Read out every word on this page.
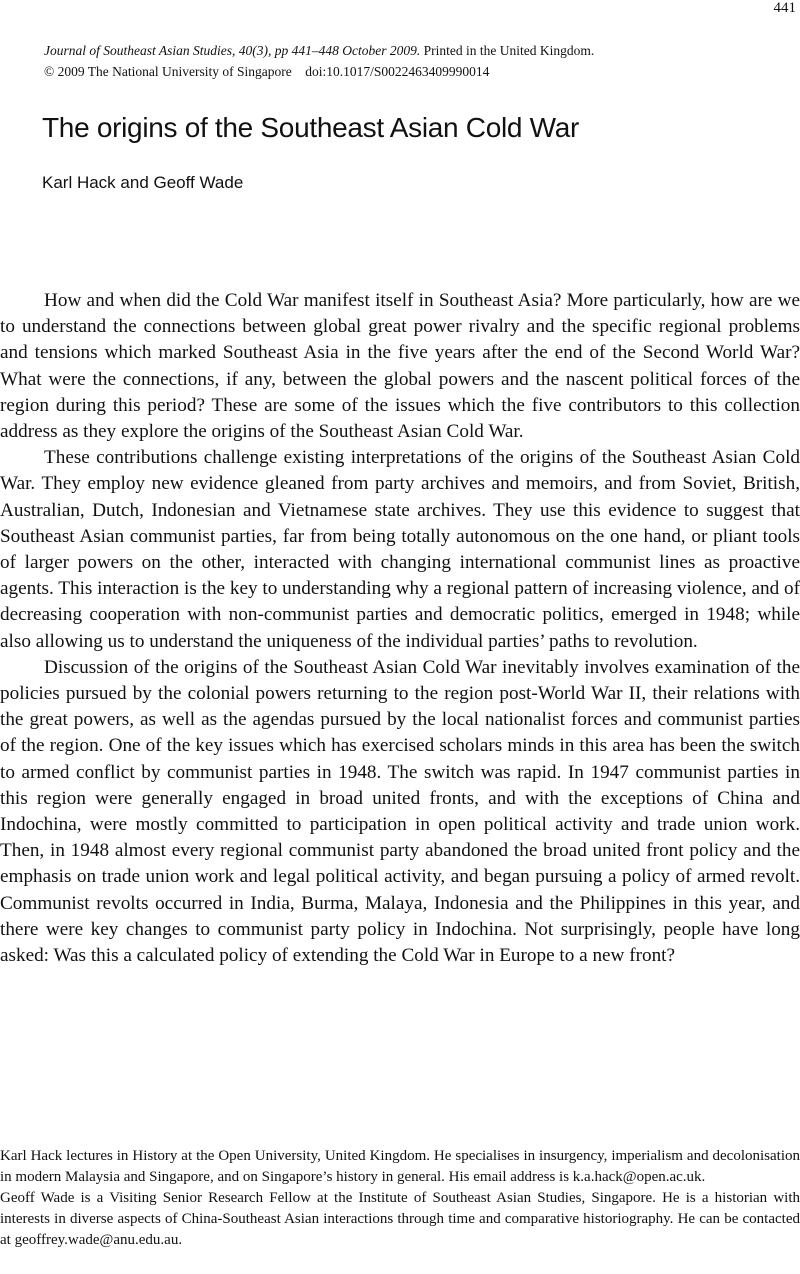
441
Journal of Southeast Asian Studies, 40(3), pp 441–448 October 2009. Printed in the United Kingdom.
© 2009 The National University of Singapore    doi:10.1017/S0022463409990014
The origins of the Southeast Asian Cold War
Karl Hack and Geoff Wade

How and when did the Cold War manifest itself in Southeast Asia? More particularly, how are we to understand the connections between global great power rivalry and the specific regional problems and tensions which marked Southeast Asia in the five years after the end of the Second World War? What were the connections, if any, between the global powers and the nascent political forces of the region during this period? These are some of the issues which the five contributors to this collection address as they explore the origins of the Southeast Asian Cold War.

These contributions challenge existing interpretations of the origins of the Southeast Asian Cold War. They employ new evidence gleaned from party archives and memoirs, and from Soviet, British, Australian, Dutch, Indonesian and Vietnamese state archives. They use this evidence to suggest that Southeast Asian communist parties, far from being totally autonomous on the one hand, or pliant tools of larger powers on the other, interacted with changing international communist lines as proactive agents. This interaction is the key to understanding why a regional pattern of increasing violence, and of decreasing cooperation with non-communist parties and democratic politics, emerged in 1948; while also allowing us to understand the uniqueness of the individual parties’ paths to revolution.

Discussion of the origins of the Southeast Asian Cold War inevitably involves examination of the policies pursued by the colonial powers returning to the region post-World War II, their relations with the great powers, as well as the agendas pursued by the local nationalist forces and communist parties of the region. One of the key issues which has exercised scholars minds in this area has been the switch to armed conflict by communist parties in 1948. The switch was rapid. In 1947 communist parties in this region were generally engaged in broad united fronts, and with the exceptions of China and Indochina, were mostly committed to participation in open political activity and trade union work. Then, in 1948 almost every regional communist party abandoned the broad united front policy and the emphasis on trade union work and legal political activity, and began pursuing a policy of armed revolt. Communist revolts occurred in India, Burma, Malaya, Indonesia and the Philippines in this year, and there were key changes to communist party policy in Indochina. Not surprisingly, people have long asked: Was this a calculated policy of extending the Cold War in Europe to a new front?

Karl Hack lectures in History at the Open University, United Kingdom. He specialises in insurgency, imperialism and decolonisation in modern Malaysia and Singapore, and on Singapore’s history in general. His email address is k.a.hack@open.ac.uk.

Geoff Wade is a Visiting Senior Research Fellow at the Institute of Southeast Asian Studies, Singapore. He is a historian with interests in diverse aspects of China-Southeast Asian interactions through time and comparative historiography. He can be contacted at geoffrey.wade@anu.edu.au.
